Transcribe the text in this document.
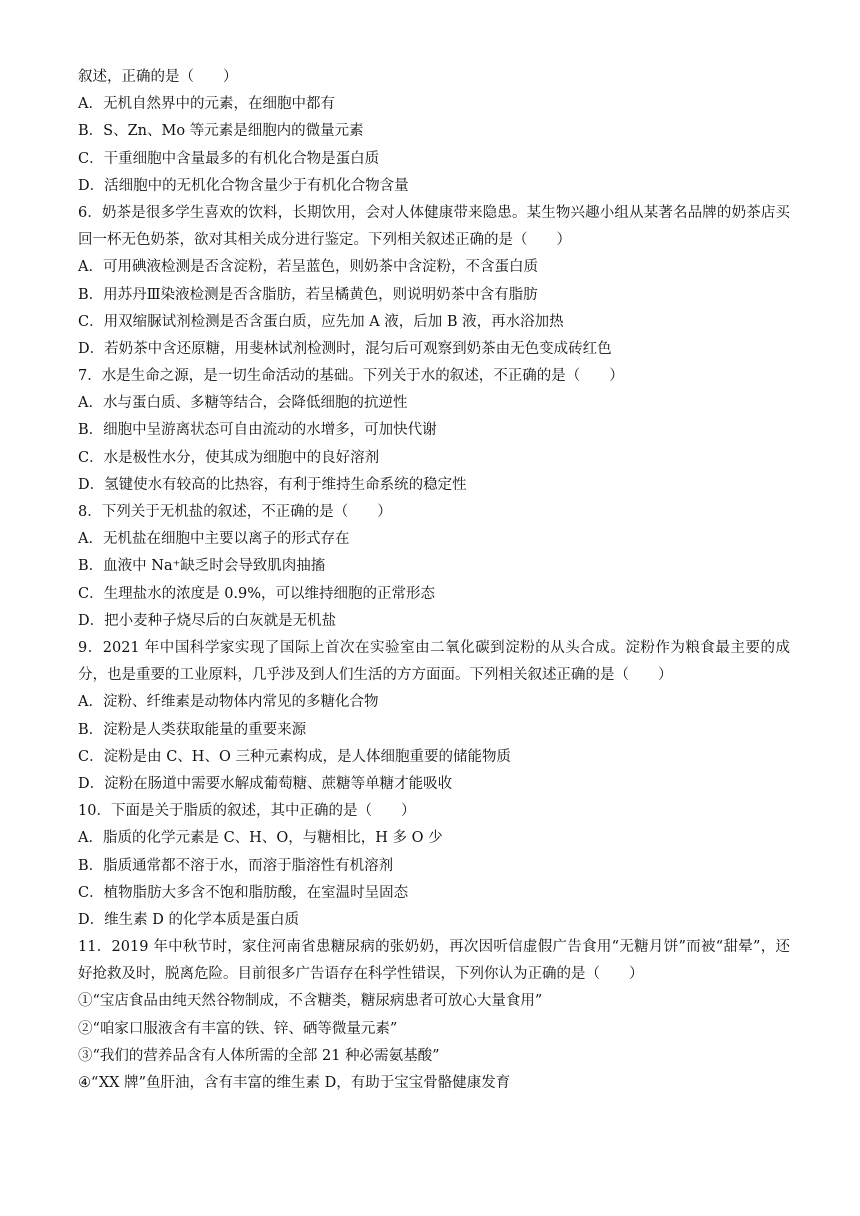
叙述，正确的是（　　）
A．无机自然界中的元素，在细胞中都有
B．S、Zn、Mo 等元素是细胞内的微量元素
C．干重细胞中含量最多的有机化合物是蛋白质
D．活细胞中的无机化合物含量少于有机化合物含量
6．奶茶是很多学生喜欢的饮料，长期饮用，会对人体健康带来隐患。某生物兴趣小组从某著名品牌的奶茶店买回一杯无色奶茶，欲对其相关成分进行鉴定。下列相关叙述正确的是（　　）
A．可用碘液检测是否含淀粉，若呈蓝色，则奶茶中含淀粉，不含蛋白质
B．用苏丹Ⅲ染液检测是否含脂肪，若呈橘黄色，则说明奶茶中含有脂肪
C．用双缩脲试剂检测是否含蛋白质，应先加 A 液，后加 B 液，再水浴加热
D．若奶茶中含还原糖，用斐林试剂检测时，混匀后可观察到奶茶由无色变成砖红色
7．水是生命之源，是一切生命活动的基础。下列关于水的叙述，不正确的是（　　）
A．水与蛋白质、多糖等结合，会降低细胞的抗逆性
B．细胞中呈游离状态可自由流动的水增多，可加快代谢
C．水是极性水分，使其成为细胞中的良好溶剂
D．氢键使水有较高的比热容，有利于维持生命系统的稳定性
8．下列关于无机盐的叙述，不正确的是（　　）
A．无机盐在细胞中主要以离子的形式存在
B．血液中 Na⁺缺乏时会导致肌肉抽搐
C．生理盐水的浓度是 0.9%，可以维持细胞的正常形态
D．把小麦种子烧尽后的白灰就是无机盐
9．2021 年中国科学家实现了国际上首次在实验室由二氧化碳到淀粉的从头合成。淀粉作为粮食最主要的成分，也是重要的工业原料，几乎涉及到人们生活的方方面面。下列相关叙述正确的是（　　）
A．淀粉、纤维素是动物体内常见的多糖化合物
B．淀粉是人类获取能量的重要来源
C．淀粉是由 C、H、O 三种元素构成，是人体细胞重要的储能物质
D．淀粉在肠道中需要水解成葡萄糖、蔗糖等单糖才能吸收
10．下面是关于脂质的叙述，其中正确的是（　　）
A．脂质的化学元素是 C、H、O，与糖相比，H 多 O 少
B．脂质通常都不溶于水，而溶于脂溶性有机溶剂
C．植物脂肪大多含不饱和脂肪酸，在室温时呈固态
D．维生素 D 的化学本质是蛋白质
11．2019 年中秋节时，家住河南省患糖尿病的张奶奶，再次因听信虚假广告食用“无糖月饼”而被“甜晕”，还好抢救及时，脱离危险。目前很多广告语存在科学性错误，下列你认为正确的是（　　）
①“宝店食品由纯天然谷物制成，不含糖类，糖尿病患者可放心大量食用”
②“咱家口服液含有丰富的铁、锌、硒等微量元素”
③“我们的营养品含有人体所需的全部 21 种必需氨基酸”
④“XX 牌”鱼肝油，含有丰富的维生素 D，有助于宝宝骨骼健康发育
